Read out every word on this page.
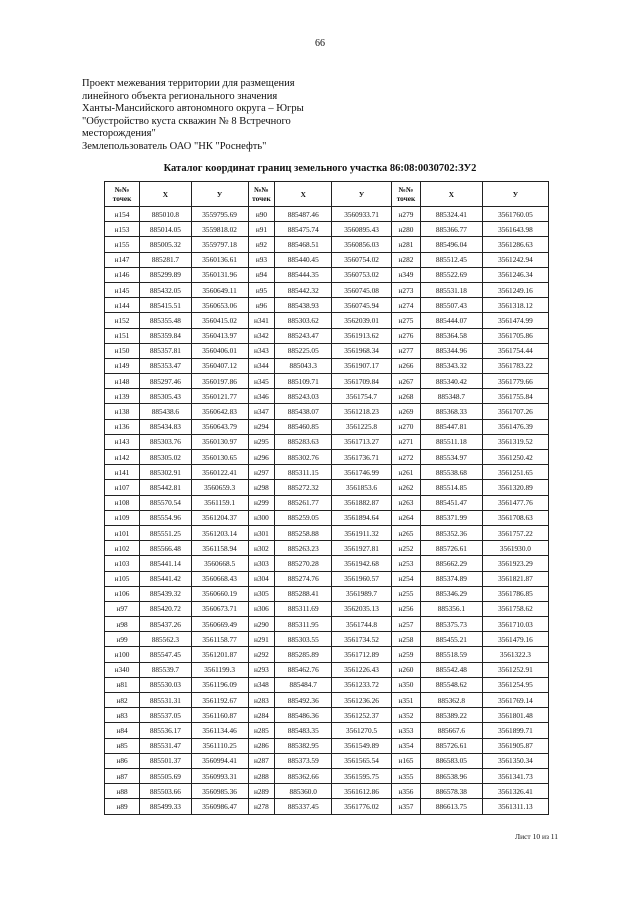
66
Проект межевания территории для размещения
линейного объекта регионального значения
Ханты-Мансийского автономного округа – Югры
"Обустройство куста скважин № 8 Встречного
месторождения"
Землепользователь ОАО "НК "Роснефть"
Каталог координат границ земельного участка 86:08:0030702:ЗУ2
№№
точек	X	У	№№
точек	X	У	№№
точек	X	У
н154	885010.8	3559795.69	н90	885487.46	3560933.71	н279	885324.41	3561760.05
н153	885014.05	3559818.02	н91	885475.74	3560895.43	н280	885366.77	3561643.98
н155	885005.32	3559797.18	н92	885468.51	3560856.03	н281	885496.04	3561286.63
н147	885281.7	3560136.61	н93	885440.45	3560754.02	н282	885512.45	3561242.94
н146	885299.89	3560131.96	н94	885444.35	3560753.02	н349	885522.69	3561246.34
н145	885432.05	3560649.11	н95	885442.32	3560745.08	н273	885531.18	3561249.16
н144	885415.51	3560653.06	н96	885438.93	3560745.94	н274	885507.43	3561318.12
н152	885355.48	3560415.02	н341	885303.62	3562039.01	н275	885444.07	3561474.99
н151	885359.84	3560413.97	н342	885243.47	3561913.62	н276	885364.58	3561705.86
н150	885357.81	3560406.01	н343	885225.05	3561968.34	н277	885344.96	3561754.44
н149	885353.47	3560407.12	н344	885043.3	3561907.17	н266	885343.32	3561783.22
н148	885297.46	3560197.86	н345	885109.71	3561709.84	н267	885340.42	3561779.66
н139	885305.43	3560121.77	н346	885243.03	3561754.7	н268	885348.7	3561755.84
н138	885438.6	3560642.83	н347	885438.07	3561218.23	н269	885368.33	3561707.26
н136	885434.83	3560643.79	н294	885460.85	3561225.8	н270	885447.81	3561476.39
н143	885303.76	3560130.97	н295	885283.63	3561713.27	н271	885511.18	3561319.52
н142	885305.02	3560130.65	н296	885302.76	3561736.71	н272	885534.97	3561250.42
н141	885302.91	3560122.41	н297	885311.15	3561746.99	н261	885538.68	3561251.65
н107	885442.81	3560659.3	н298	885272.32	3561853.6	н262	885514.85	3561320.89
н108	885570.54	3561159.1	н299	885261.77	3561882.87	н263	885451.47	3561477.76
н109	885554.96	3561204.37	н300	885259.05	3561894.64	н264	885371.99	3561708.63
н101	885551.25	3561203.14	н301	885258.88	3561911.32	н265	885352.36	3561757.22
н102	885566.48	3561158.94	н302	885263.23	3561927.81	н252	885726.61	3561930.0
н103	885441.14	3560668.5	н303	885270.28	3561942.68	н253	885662.29	3561923.29
н105	885441.42	3560668.43	н304	885274.76	3561960.57	н254	885374.89	3561821.87
н106	885439.32	3560660.19	н305	885288.41	3561989.7	н255	885346.29	3561786.85
н97	885420.72	3560673.71	н306	885311.69	3562035.13	н256	885356.1	3561758.62
н98	885437.26	3560669.49	н290	885311.95	3561744.8	н257	885375.73	3561710.03
н99	885562.3	3561158.77	н291	885303.55	3561734.52	н258	885455.21	3561479.16
н100	885547.45	3561201.87	н292	885285.89	3561712.89	н259	885518.59	3561322.3
н340	885539.7	3561199.3	н293	885462.76	3561226.43	н260	885542.48	3561252.91
н81	885530.03	3561196.09	н348	885484.7	3561233.72	н350	885548.62	3561254.95
н82	885531.31	3561192.67	н283	885492.36	3561236.26	н351	885362.8	3561769.14
н83	885537.05	3561160.87	н284	885486.36	3561252.37	н352	885389.22	3561801.48
н84	885536.17	3561134.46	н285	885483.35	3561270.5	н353	885667.6	3561899.71
н85	885531.47	3561110.25	н286	885382.95	3561549.89	н354	885726.61	3561905.87
н86	885501.37	3560994.41	н287	885373.59	3561565.54	н165	886583.05	3561350.34
н87	885505.69	3560993.31	н288	885362.66	3561595.75	н355	886538.96	3561341.73
н88	885503.66	3560985.36	н289	885360.0	3561612.86	н356	886578.38	3561326.41
н89	885499.33	3560986.47	н278	885337.45	3561776.02	н357	886613.75	3561311.13
Лист 10 из 11
